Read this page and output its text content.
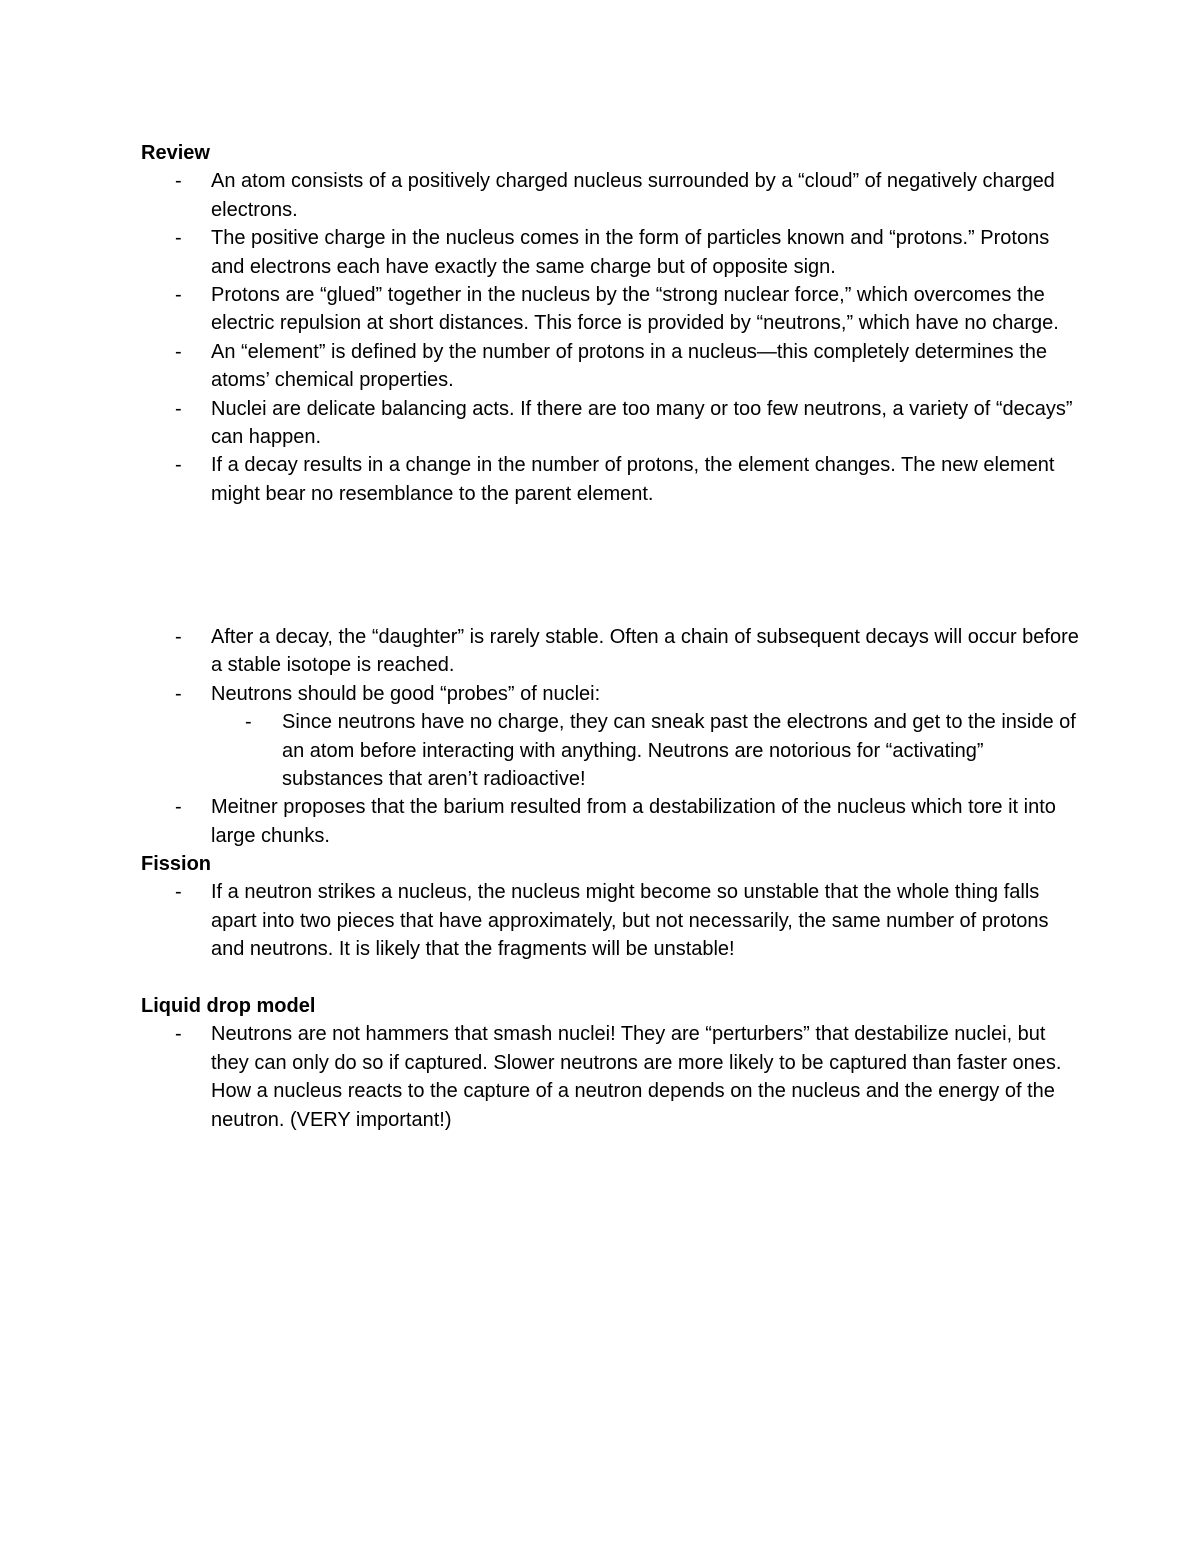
Review

- An atom consists of a positively charged nucleus surrounded by a “cloud” of negatively charged electrons.
- The positive charge in the nucleus comes in the form of particles known and “protons.” Protons and electrons each have exactly the same charge but of opposite sign.
- Protons are “glued” together in the nucleus by the “strong nuclear force,” which overcomes the electric repulsion at short distances. This force is provided by “neutrons,” which have no charge.
- An “element” is defined by the number of protons in a nucleus—this completely determines the atoms’ chemical properties.
- Nuclei are delicate balancing acts. If there are too many or too few neutrons, a variety of “decays” can happen.
- If a decay results in a change in the number of protons, the element changes. The new element might bear no resemblance to the parent element.
- After a decay, the “daughter” is rarely stable. Often a chain of subsequent decays will occur before a stable isotope is reached.
- Neutrons should be good “probes” of nuclei:
- Since neutrons have no charge, they can sneak past the electrons and get to the inside of an atom before interacting with anything. Neutrons are notorious for “activating” substances that aren’t radioactive!
- Meitner proposes that the barium resulted from a destabilization of the nucleus which tore it into large chunks.

Fission

- If a neutron strikes a nucleus, the nucleus might become so unstable that the whole thing falls apart into two pieces that have approximately, but not necessarily, the same number of protons and neutrons. It is likely that the fragments will be unstable!

Liquid drop model

- Neutrons are not hammers that smash nuclei! They are “perturbers” that destabilize nuclei, but they can only do so if captured. Slower neutrons are more likely to be captured than faster ones. How a nucleus reacts to the capture of a neutron depends on the nucleus and the energy of the neutron. (VERY important!)
